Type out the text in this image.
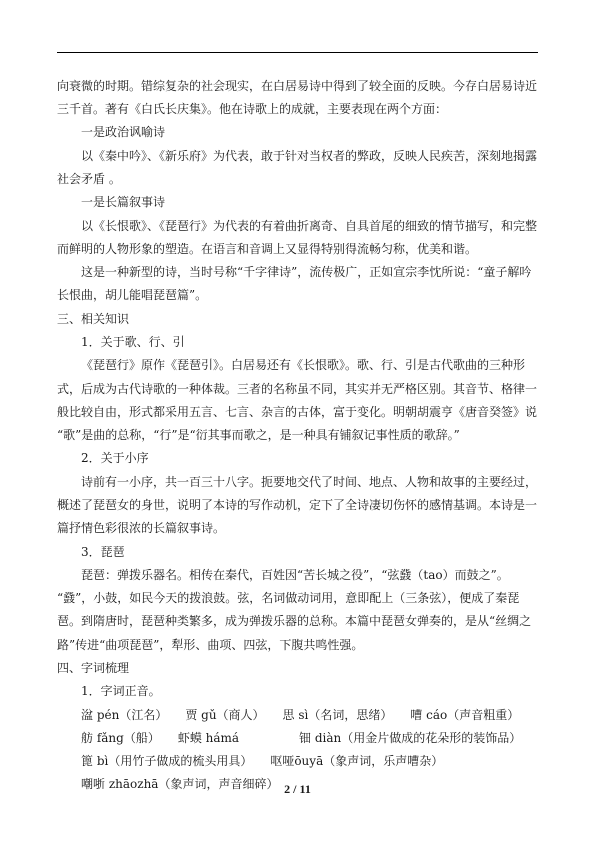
向衰微的时期。错综复杂的社会现实，在白居易诗中得到了较全面的反映。今存白居易诗近
三千首。著有《白氏长庆集》。他在诗歌上的成就，主要表现在两个方面：
一是政治讽喻诗
以《秦中吟》、《新乐府》为代表，敢于针对当权者的弊政，反映人民疾苦，深刻地揭露
社会矛盾 。
一是长篇叙事诗
以《长恨歌》、《琵琶行》为代表的有着曲折离奇、自具首尾的细致的情节描写，和完整
而鲜明的人物形象的塑造。在语言和音调上又显得特别得流畅匀称，优美和谐。
这是一种新型的诗，当时号称“千字律诗”，流传极广，正如宣宗李忱所说：“童子解吟
长恨曲，胡儿能唱琵琶篇”。
三、相关知识
1．关于歌、行、引
《琵琶行》原作《琵琶引》。白居易还有《长恨歌》。歌、行、引是古代歌曲的三种形
式，后成为古代诗歌的一种体裁。三者的名称虽不同，其实并无严格区别。其音节、格律一
般比较自由，形式都采用五言、七言、杂言的古体，富于变化。明朝胡震亨《唐音癸签》说
“歌”是曲的总称，“行”是“衍其事而歌之，是一种具有铺叙记事性质的歌辞。”
2．关于小序
诗前有一小序，共一百三十八字。扼要地交代了时间、地点、人物和故事的主要经过，
概述了琵琶女的身世，说明了本诗的写作动机，定下了全诗凄切伤怀的感情基调。本诗是一
篇抒情色彩很浓的长篇叙事诗。
3．琵琶
琵琶：弹拨乐器名。相传在秦代，百姓因“苦长城之役”，“弦鼗（tao）而鼓之”。
“鼗”，小鼓，如民今天的拨浪鼓。弦，名词做动词用，意即配上（三条弦），便成了秦琵
琶。到隋唐时，琵琶种类繁多，成为弹拨乐器的总称。本篇中琵琶女弹奏的，是从“丝绸之
路”传进“曲项琵琶”，犁形、曲项、四弦，下腹共鸣性强。
四、字词梳理
1．字词正音。
湓 pén（江名）　　贾 gǔ（商人）　　思 sì（名词，思绪）　　嘈 cáo（声音粗重）
舫 fǎng（船）　　虾蟆 hámá　　　　　钿 diàn（用金片做成的花朵形的装饰品）
篦 bì（用竹子做成的梳头用具）　　呕哑ōuyā（象声词，乐声嘈杂）
嘲哳 zhāozhā（象声词，声音细碎） 2 / 11
